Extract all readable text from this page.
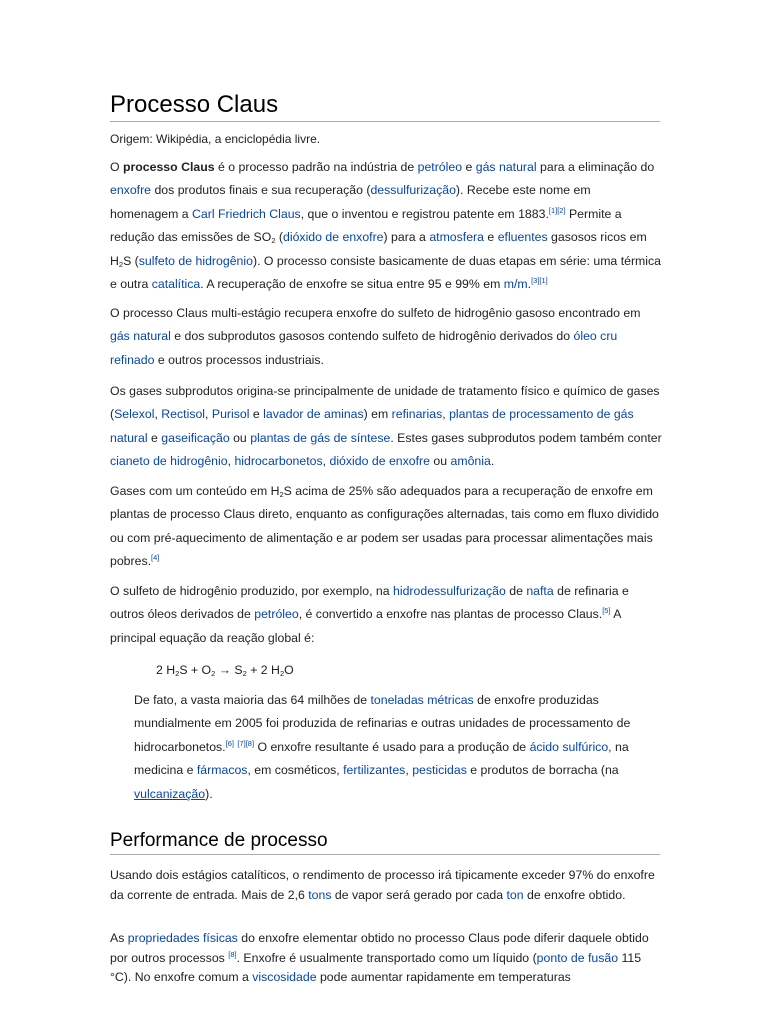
Processo Claus
Origem: Wikipédia, a enciclopédia livre.
O processo Claus é o processo padrão na indústria de petróleo e gás natural para a eliminação do enxofre dos produtos finais e sua recuperação (dessulfurização). Recebe este nome em homenagem a Carl Friedrich Claus, que o inventou e registrou patente em 1883.[1][2] Permite a redução das emissões de $SO_2$ (dióxido de enxofre) para a atmosfera e efluentes gasosos ricos em $H_2S$ (sulfeto de hidrogênio). O processo consiste basicamente de duas etapas em série: uma térmica e outra catalítica. A recuperação de enxofre se situa entre 95 e 99% em m/m.[3][1]
O processo Claus multi-estágio recupera enxofre do sulfeto de hidrogênio gasoso encontrado em gás natural e dos subprodutos gasosos contendo sulfeto de hidrogênio derivados do óleo cru refinado e outros processos industriais.
Os gases subprodutos origina-se principalmente de unidade de tratamento físico e químico de gases (Selexol, Rectisol, Purisol e lavador de aminas) em refinarias, plantas de processamento de gás natural e gaseificação ou plantas de gás de síntese. Estes gases subprodutos podem também conter cianeto de hidrogênio, hidrocarbonetos, dióxido de enxofre ou amônia.
Gases com um conteúdo em $H_2S$ acima de 25% são adequados para a recuperação de enxofre em plantas de processo Claus direto, enquanto as configurações alternadas, tais como em fluxo dividido ou com pré-aquecimento de alimentação e ar podem ser usadas para processar alimentações mais pobres.[4]
O sulfeto de hidrogênio produzido, por exemplo, na hidrodessulfurização de nafta de refinaria e outros óleos derivados de petróleo, é convertido a enxofre nas plantas de processo Claus.[5] A principal equação da reação global é:
2 $H_2S + O_2 \to S_2 + 2$ $H_2O$
De fato, a vasta maioria das 64 milhões de toneladas métricas de enxofre produzidas mundialmente em 2005 foi produzida de refinarias e outras unidades de processamento de hidrocarbonetos.[6] [7][8] O enxofre resultante é usado para a produção de ácido sulfúrico, na medicina e fármacos, em cosméticos, fertilizantes, pesticidas e produtos de borracha (na vulcanização).
Performance de processo
Usando dois estágios catalíticos, o rendimento de processo irá tipicamente exceder 97% do enxofre da corrente de entrada. Mais de 2,6 tons de vapor será gerado por cada ton de enxofre obtido.
As propriedades físicas do enxofre elementar obtido no processo Claus pode diferir daquele obtido por outros processos [8]. Enxofre é usualmente transportado como um líquido (ponto de fusão 115 °C). No enxofre comum a viscosidade pode aumentar rapidamente em temperaturas
